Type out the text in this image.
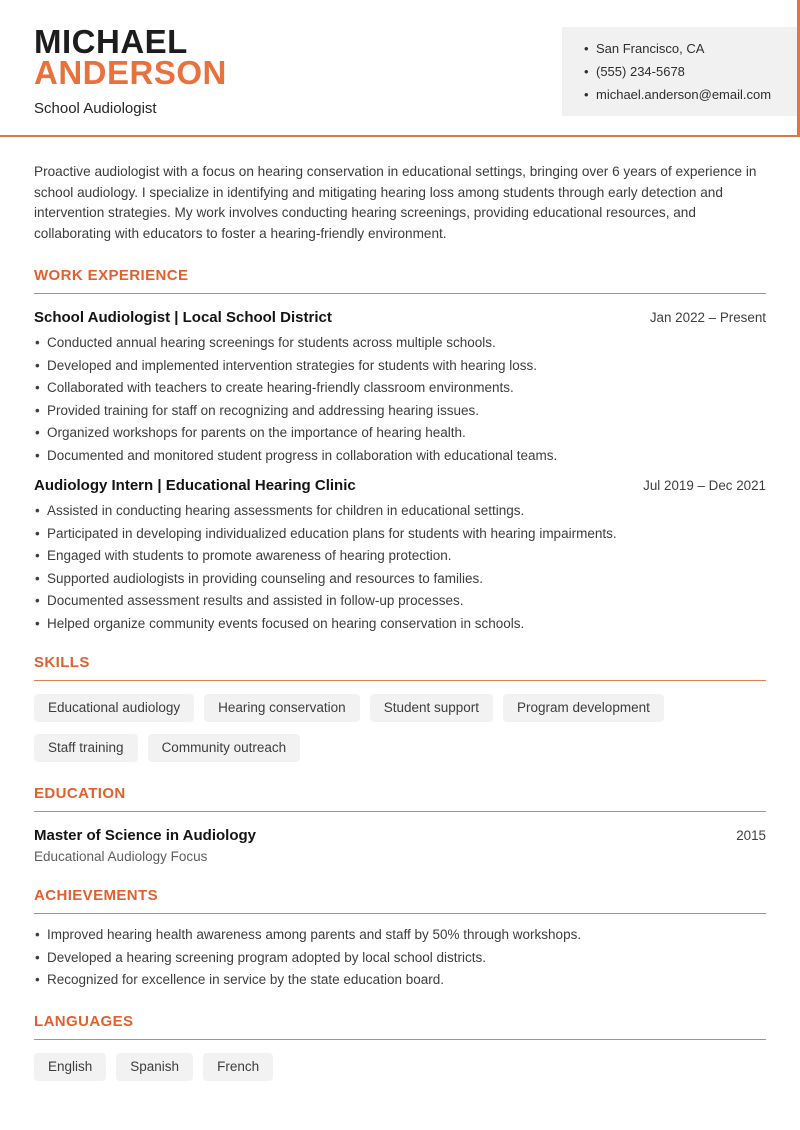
MICHAEL
ANDERSON
School Audiologist
• San Francisco, CA
• (555) 234-5678
• michael.anderson@email.com

Proactive audiologist with a focus on hearing conservation in educational settings, bringing over 6 years of experience in school audiology. I specialize in identifying and mitigating hearing loss among students through early detection and intervention strategies. My work involves conducting hearing screenings, providing educational resources, and collaborating with educators to foster a hearing-friendly environment.

WORK EXPERIENCE
School Audiologist | Local School District	Jan 2022 – Present
• Conducted annual hearing screenings for students across multiple schools.
• Developed and implemented intervention strategies for students with hearing loss.
• Collaborated with teachers to create hearing-friendly classroom environments.
• Provided training for staff on recognizing and addressing hearing issues.
• Organized workshops for parents on the importance of hearing health.
• Documented and monitored student progress in collaboration with educational teams.
Audiology Intern | Educational Hearing Clinic	Jul 2019 – Dec 2021
• Assisted in conducting hearing assessments for children in educational settings.
• Participated in developing individualized education plans for students with hearing impairments.
• Engaged with students to promote awareness of hearing protection.
• Supported audiologists in providing counseling and resources to families.
• Documented assessment results and assisted in follow-up processes.
• Helped organize community events focused on hearing conservation in schools.
SKILLS
Educational audiology	Hearing conservation	Student support	Program development
Staff training	Community outreach
EDUCATION
Master of Science in Audiology	2015
Educational Audiology Focus
ACHIEVEMENTS
• Improved hearing health awareness among parents and staff by 50% through workshops.
• Developed a hearing screening program adopted by local school districts.
• Recognized for excellence in service by the state education board.
LANGUAGES
English	Spanish	French
